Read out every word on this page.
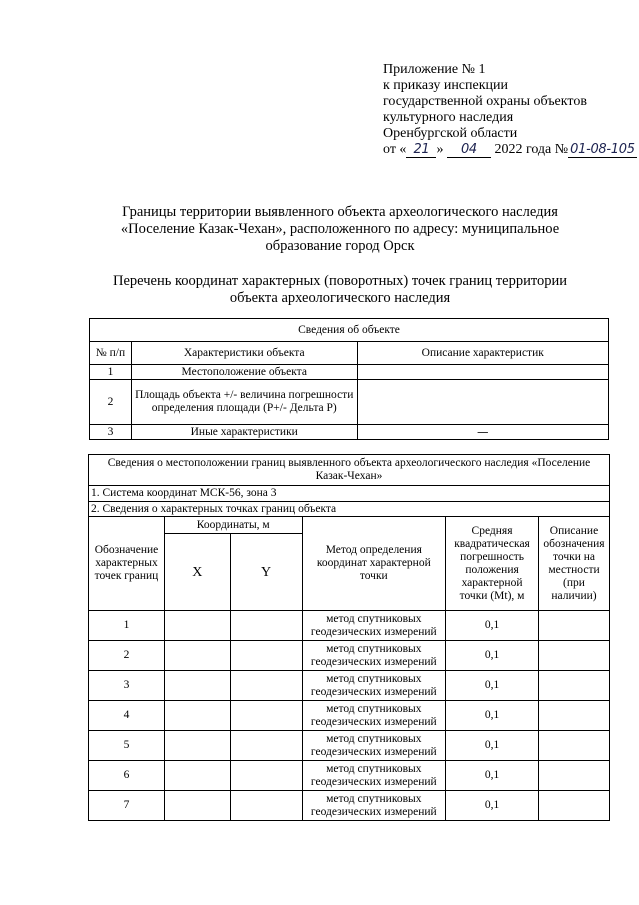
Приложение № 1
к приказу инспекции
государственной охраны объектов
культурного наследия
Оренбургской области
от « 21 » 04 2022 года № 01-08-105
Границы территории выявленного объекта археологического наследия «Поселение Казак-Чехан», расположенного по адресу: муниципальное образование город Орск
Перечень координат характерных (поворотных) точек границ территории объекта археологического наследия
Сведения об объекте		
№ п/п	Характеристики объекта	Описание характеристик
1	Местоположение объекта	
2	Площадь объекта +/- величина погрешности определения площади (Р+/- Дельта Р)	
3	Иные характеристики	—
Сведения о местоположении границ выявленного объекта археологического наследия «Поселение Казак-Чехан»					
1. Система координат МСК-56, зона 3					
2. Сведения о характерных точках границ объекта					
Обозначение характерных точек границ	Координаты, м		Метод определения координат характерной точки	Средняя квадратическая погрешность положения характерной точки (Mt), м	Описание обозначения точки на местности (при наличии)
	X	Y			
1			метод спутниковых геодезических измерений	0,1	
2			метод спутниковых геодезических измерений	0,1	
3			метод спутниковых геодезических измерений	0,1	
4			метод спутниковых геодезических измерений	0,1	
5			метод спутниковых геодезических измерений	0,1	
6			метод спутниковых геодезических измерений	0,1	
7			метод спутниковых геодезических измерений	0,1	
